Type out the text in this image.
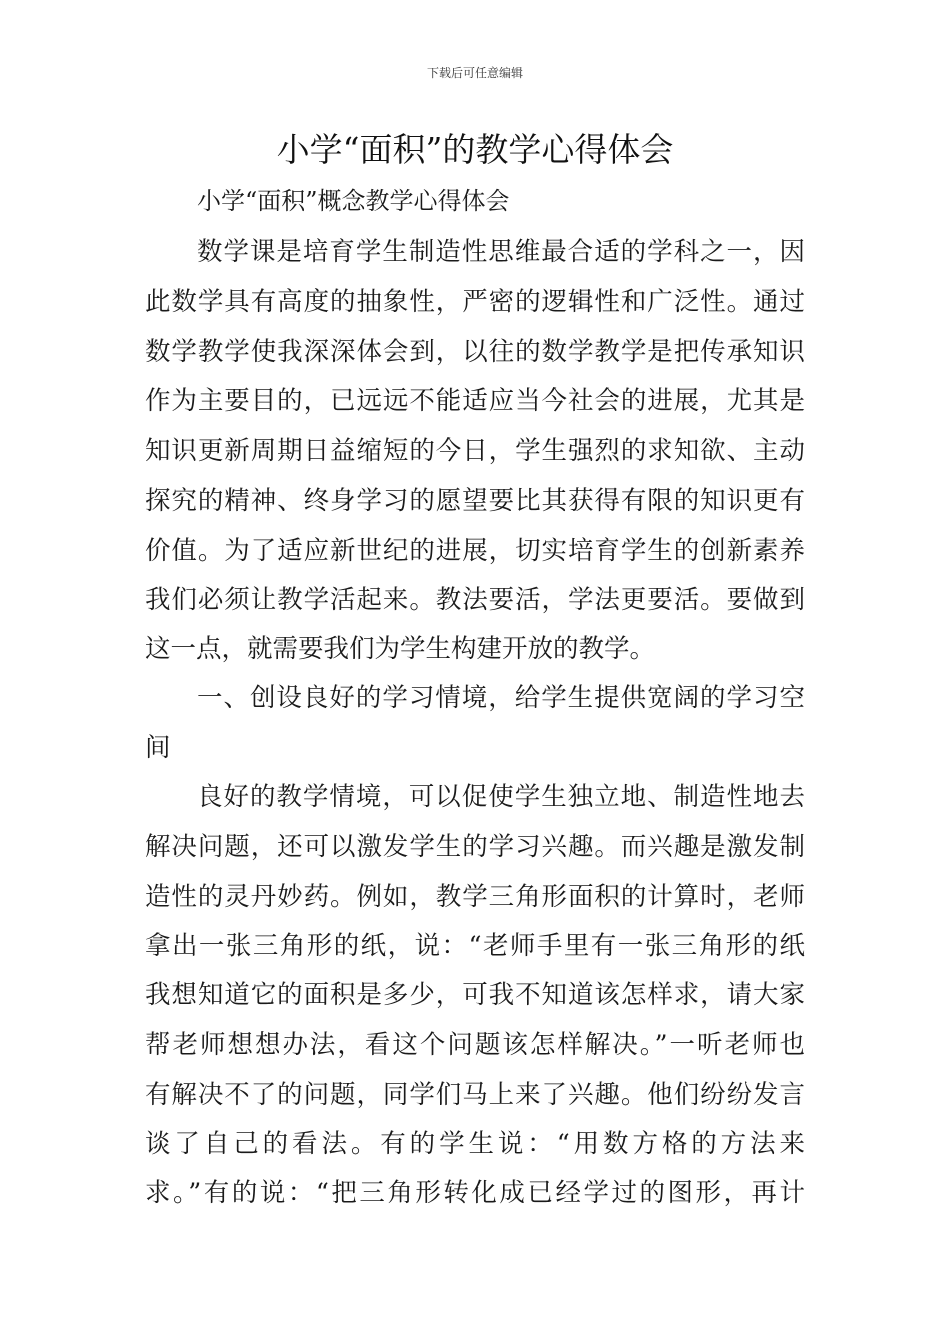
下载后可任意编辑
小学“面积”的教学心得体会
小学“面积”概念教学心得体会
数学课是培育学生制造性思维最合适的学科之一，因
此数学具有高度的抽象性，严密的逻辑性和广泛性。通过
数学教学使我深深体会到，以往的数学教学是把传承知识
作为主要目的，已远远不能适应当今社会的进展，尤其是
知识更新周期日益缩短的今日，学生强烈的求知欲、主动
探究的精神、终身学习的愿望要比其获得有限的知识更有
价值。为了适应新世纪的进展，切实培育学生的创新素养
我们必须让教学活起来。教法要活，学法更要活。要做到
这一点，就需要我们为学生构建开放的教学。
一、创设良好的学习情境，给学生提供宽阔的学习空
间
良好的教学情境，可以促使学生独立地、制造性地去
解决问题，还可以激发学生的学习兴趣。而兴趣是激发制
造性的灵丹妙药。例如，教学三角形面积的计算时，老师
拿出一张三角形的纸，说：“老师手里有一张三角形的纸
我想知道它的面积是多少，可我不知道该怎样求，请大家
帮老师想想办法，看这个问题该怎样解决。”一听老师也
有解决不了的问题，同学们马上来了兴趣。他们纷纷发言
谈了自己的看法。有的学生说：“用数方格的方法来
求。”有的说：“把三角形转化成已经学过的图形，再计
